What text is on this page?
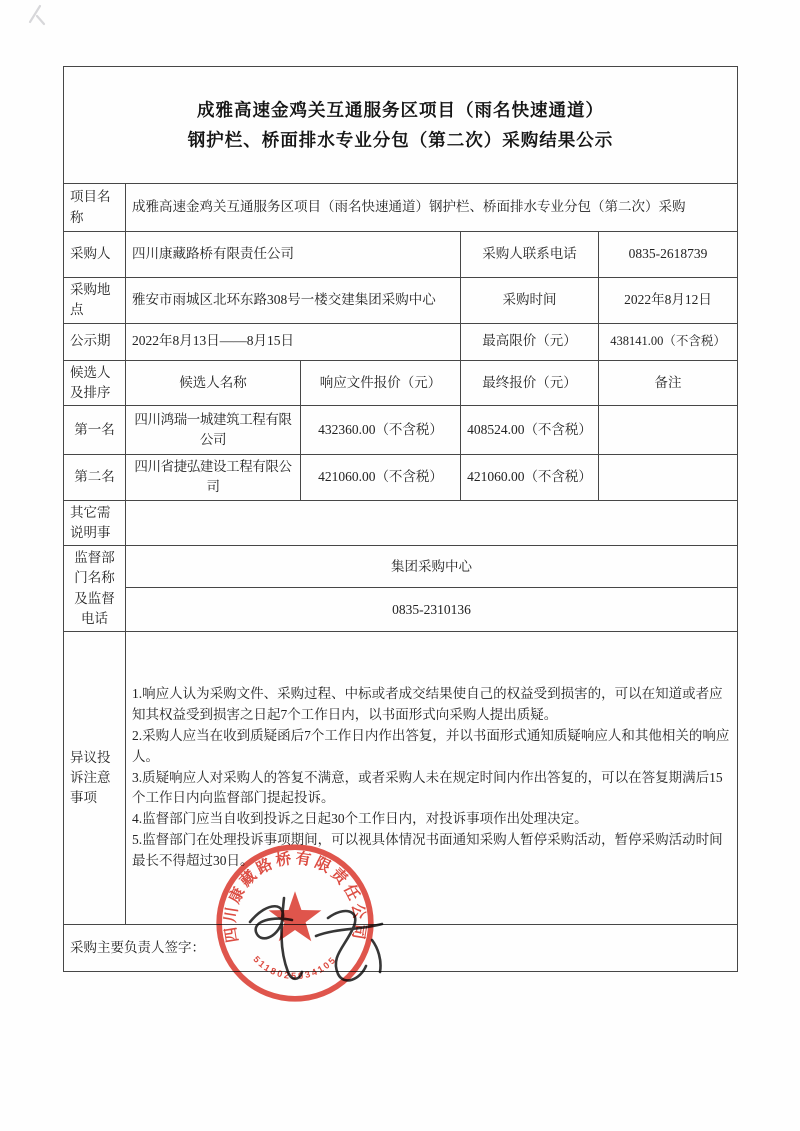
成雅高速金鸡关互通服务区项目（雨名快速通道）
钢护栏、桥面排水专业分包（第二次）采购结果公示				

项目名称	成雅高速金鸡关互通服务区项目（雨名快速通道）钢护栏、桥面排水专业分包（第二次）采购			
采购人	四川康藏路桥有限责任公司		采购人联系电话	0835-2618739
采购地点	雅安市雨城区北环东路308号一楼交建集团采购中心		采购时间	2022年8月12日
公示期	2022年8月13日——8月15日		最高限价（元）	438141.00（不含税）
候选人及排序	候选人名称	响应文件报价（元）	最终报价（元）	备注
第一名	四川鸿瑞一城建筑工程有限公司	432360.00（不含税）	408524.00（不含税）	
第二名	四川省捷弘建设工程有限公司	421060.00（不含税）	421060.00（不含税）	
其它需说明事				
监督部门名称及监督电话	集团采购中心			
	0835-2310136			
异议投诉注意事项	1.响应人认为采购文件、采购过程、中标或者成交结果使自己的权益受到损害的，可以在知道或者应知其权益受到损害之日起7个工作日内，以书面形式向采购人提出质疑。
2.采购人应当在收到质疑函后7个工作日内作出答复，并以书面形式通知质疑响应人和其他相关的响应人。
3.质疑响应人对采购人的答复不满意，或者采购人未在规定时间内作出答复的，可以在答复期满后15个工作日内向监督部门提起投诉。
4.监督部门应当自收到投诉之日起30个工作日内，对投诉事项作出处理决定。
5.监督部门在处理投诉事项期间，可以视具体情况书面通知采购人暂停采购活动，暂停采购活动时间最长不得超过30日。			

采购主要负责人签字：				
四川康藏路桥有限责任公司
5118025034105
